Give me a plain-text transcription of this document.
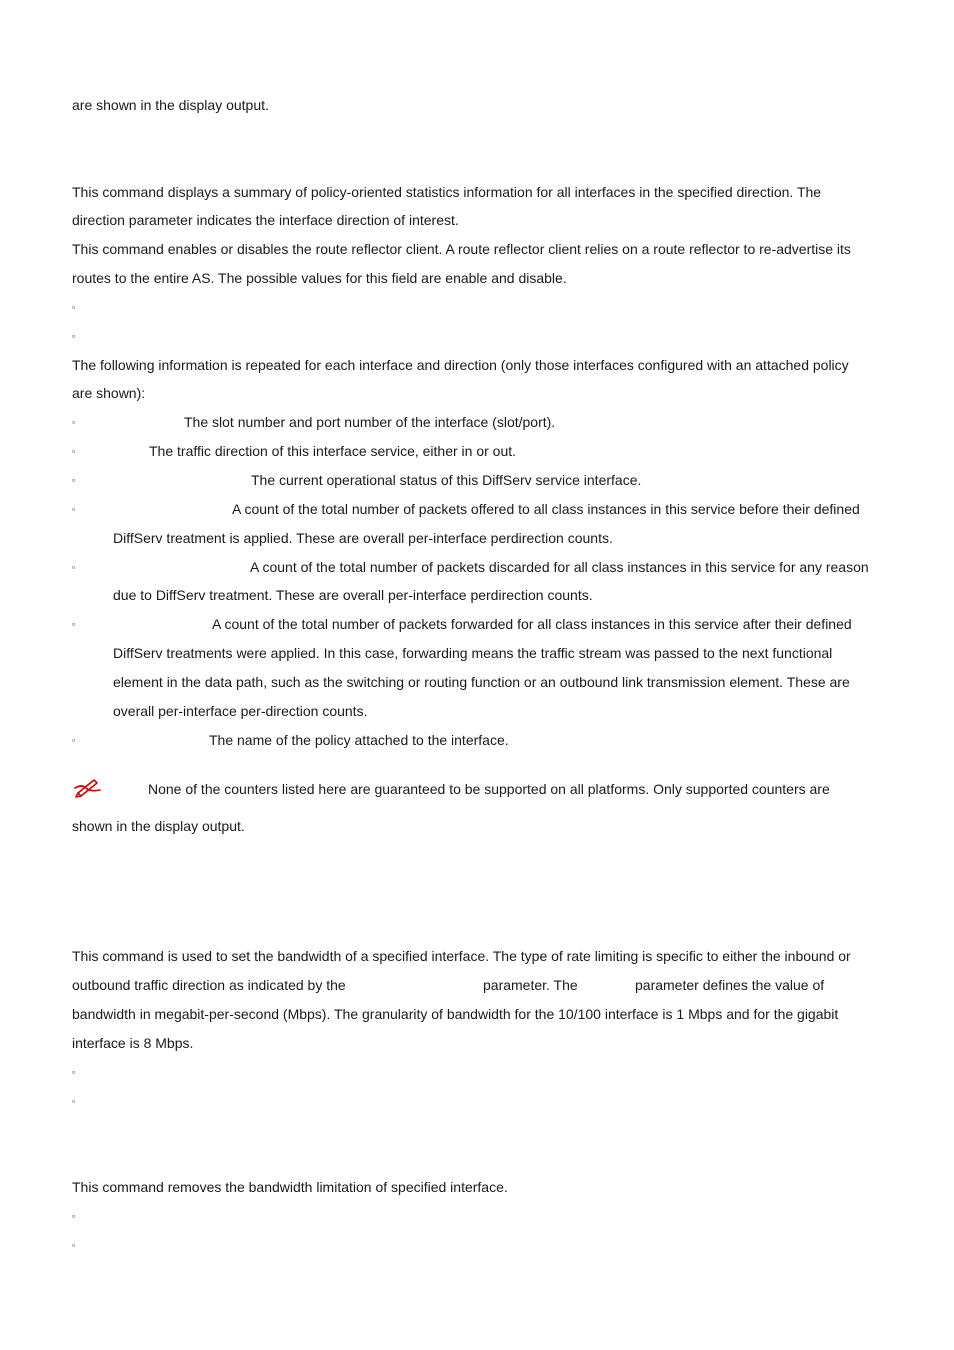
are shown in the display output.
This command displays a summary of policy-oriented statistics information for all interfaces in the specified direction. The
direction parameter indicates the interface direction of interest.
This command enables or disables the route reflector client. A route reflector client relies on a route reflector to re-advertise its
routes to the entire AS. The possible values for this field are enable and disable.
▫
▫
The following information is repeated for each interface and direction (only those interfaces configured with an attached policy
are shown):
▫	The slot number and port number of the interface (slot/port).
▫	The traffic direction of this interface service, either in or out.
▫	The current operational status of this DiffServ service interface.
▫	A count of the total number of packets offered to all class instances in this service before their defined
DiffServ treatment is applied. These are overall per-interface perdirection counts.
▫	A count of the total number of packets discarded for all class instances in this service for any reason
due to DiffServ treatment. These are overall per-interface perdirection counts.
▫	A count of the total number of packets forwarded for all class instances in this service after their defined
DiffServ treatments were applied. In this case, forwarding means the traffic stream was passed to the next functional
element in the data path, such as the switching or routing function or an outbound link transmission element. These are
overall per-interface per-direction counts.
▫	The name of the policy attached to the interface.
None of the counters listed here are guaranteed to be supported on all platforms. Only supported counters are
shown in the display output.
This command is used to set the bandwidth of a specified interface. The type of rate limiting is specific to either the inbound or
outbound traffic direction as indicated by the	parameter. The	parameter defines the value of
bandwidth in megabit-per-second (Mbps). The granularity of bandwidth for the 10/100 interface is 1 Mbps and for the gigabit
interface is 8 Mbps.
▫
▫
This command removes the bandwidth limitation of specified interface.
▫
▫
